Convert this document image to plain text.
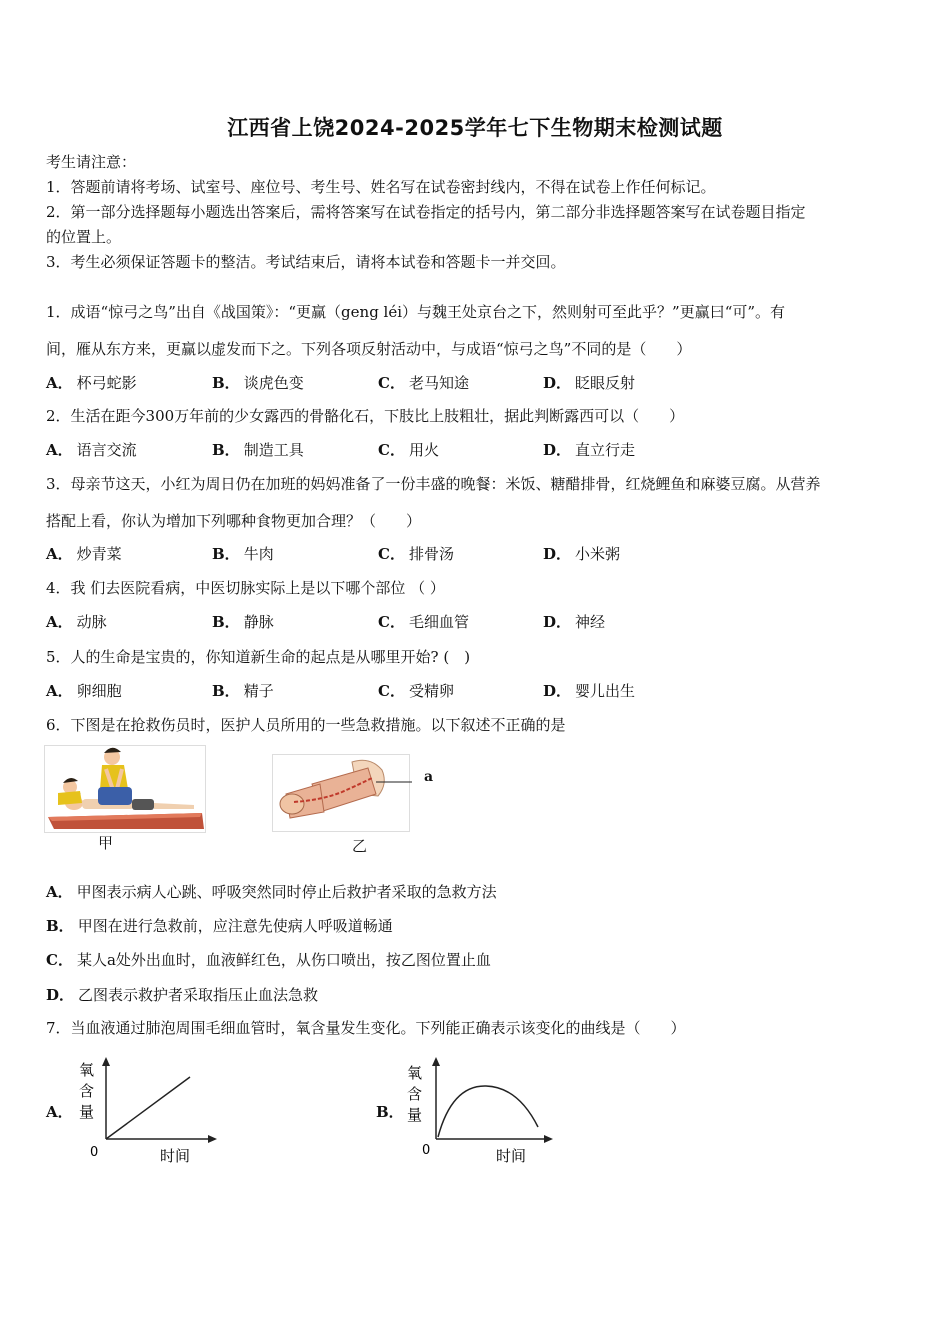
江西省上饶2024-2025学年七下生物期末检测试题
考生请注意：
1．答题前请将考场、试室号、座位号、考生号、姓名写在试卷密封线内，不得在试卷上作任何标记。
2．第一部分选择题每小题选出答案后，需将答案写在试卷指定的括号内，第二部分非选择题答案写在试卷题目指定
的位置上。
3．考生必须保证答题卡的整洁。考试结束后，请将本试卷和答题卡一并交回。
1．成语“惊弓之鸟”出自《战国策》：“更赢（geng léi）与魏王处京台之下，然则射可至此乎？”更赢曰“可”。有
间，雁从东方来，更赢以虚发而下之。下列各项反射活动中，与成语“惊弓之鸟”不同的是（　　）
A． 杯弓蛇影	B． 谈虎色变	C． 老马知途	D． 眨眼反射
2．生活在距今300万年前的少女露西的骨骼化石，下肢比上肢粗壮，据此判断露西可以（　　）
A． 语言交流	B． 制造工具	C． 用火	D． 直立行走
3．母亲节这天，小红为周日仍在加班的妈妈准备了一份丰盛的晚餐：米饭、糖醋排骨，红烧鲤鱼和麻婆豆腐。从营养
搭配上看，你认为增加下列哪种食物更加合理？（　　）
A． 炒青菜	B． 牛肉	C． 排骨汤	D． 小米粥
4．我 们去医院看病，中医切脉实际上是以下哪个部位 （ ）
A． 动脉	B． 静脉	C． 毛细血管	D． 神经
5．人的生命是宝贵的，你知道新生命的起点是从哪里开始? (　)
A． 卵细胞	B． 精子	C． 受精卵	D． 婴儿出生
6．下图是在抢救伤员时，医护人员所用的一些急救措施。以下叙述不正确的是
甲
a
乙
A． 甲图表示病人心跳、呼吸突然同时停止后救护者采取的急救方法
B． 甲图在进行急救前，应注意先使病人呼吸道畅通
C． 某人a处外出血时，血液鲜红色，从伤口喷出，按乙图位置止血
D． 乙图表示救护者采取指压止血法急救
7．当血液通过肺泡周围毛细血管时，氧含量发生变化。下列能正确表示该变化的曲线是（　　）
A．
氧
含
量
0	时间
B．
氧
含
量
0	时间
